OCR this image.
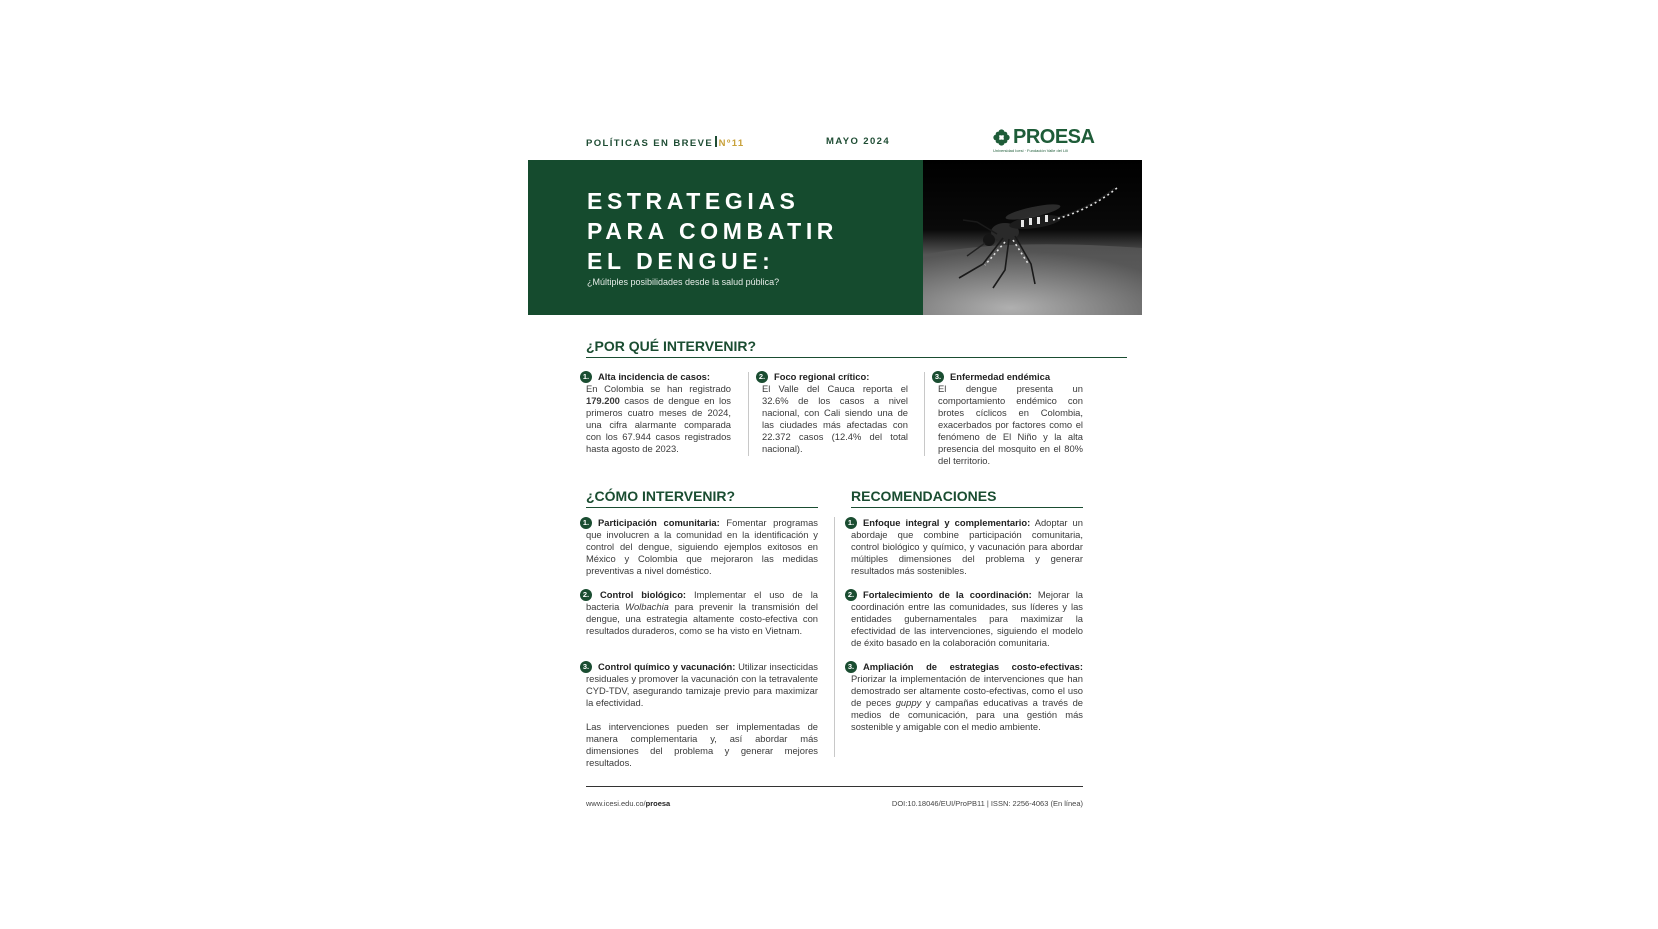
POLÍTICAS EN BREVE Nº11	MAYO 2024	PROESA
Universidad Icesi · Fundación Valle del Lili
ESTRATEGIAS
PARA COMBATIR
EL DENGUE:
¿Múltiples posibilidades desde la salud pública?
¿POR QUÉ INTERVENIR?
1. Alta incidencia de casos:
En Colombia se han registrado 179.200 casos de dengue en los primeros cuatro meses de 2024, una cifra alarmante comparada con los 67.944 casos registrados hasta agosto de 2023.
2. Foco regional crítico:
El Valle del Cauca reporta el 32.6% de los casos a nivel nacional, con Cali siendo una de las ciudades más afectadas con 22.372 casos (12.4% del total nacional).
3. Enfermedad endémica
El dengue presenta un comportamiento endémico con brotes cíclicos en Colombia, exacerbados por factores como el fenómeno de El Niño y la alta presencia del mosquito en el 80% del territorio.
¿CÓMO INTERVENIR?
1. Participación comunitaria: Fomentar programas que involucren a la comunidad en la identificación y control del dengue, siguiendo ejemplos exitosos en México y Colombia que mejoraron las medidas preventivas a nivel doméstico.
2.	Control biológico: Implementar el uso de la bacteria Wolbachia para prevenir la transmisión del dengue, una estrategia altamente costo-efectiva con resultados duraderos, como se ha visto en Vietnam.
3. Control químico y vacunación: Utilizar insecticidas residuales y promover la vacunación con la tetravalente CYD-TDV, asegurando tamizaje previo para maximizar la efectividad.
Las intervenciones pueden ser implementadas de manera complementaria y, así abordar más dimensiones del problema y generar mejores resultados.
RECOMENDACIONES
1. Enfoque integral y complementario: Adoptar un abordaje que combine participación comunitaria, control biológico y químico, y vacunación para abordar múltiples dimensiones del problema y generar resultados más sostenibles.
2. Fortalecimiento de la coordinación: Mejorar la coordinación entre las comunidades, sus líderes y las entidades gubernamentales para maximizar la efectividad de las intervenciones, siguiendo el modelo de éxito basado en la colaboración comunitaria.
3. Ampliación de estrategias costo-efectivas: Priorizar la implementación de intervenciones que han demostrado ser altamente costo-efectivas, como el uso de peces guppy y campañas educativas a través de medios de comunicación, para una gestión más sostenible y amigable con el medio ambiente.
www.icesi.edu.co/proesa	DOI:10.18046/EUI/ProPB11 | ISSN: 2256-4063 (En línea)
